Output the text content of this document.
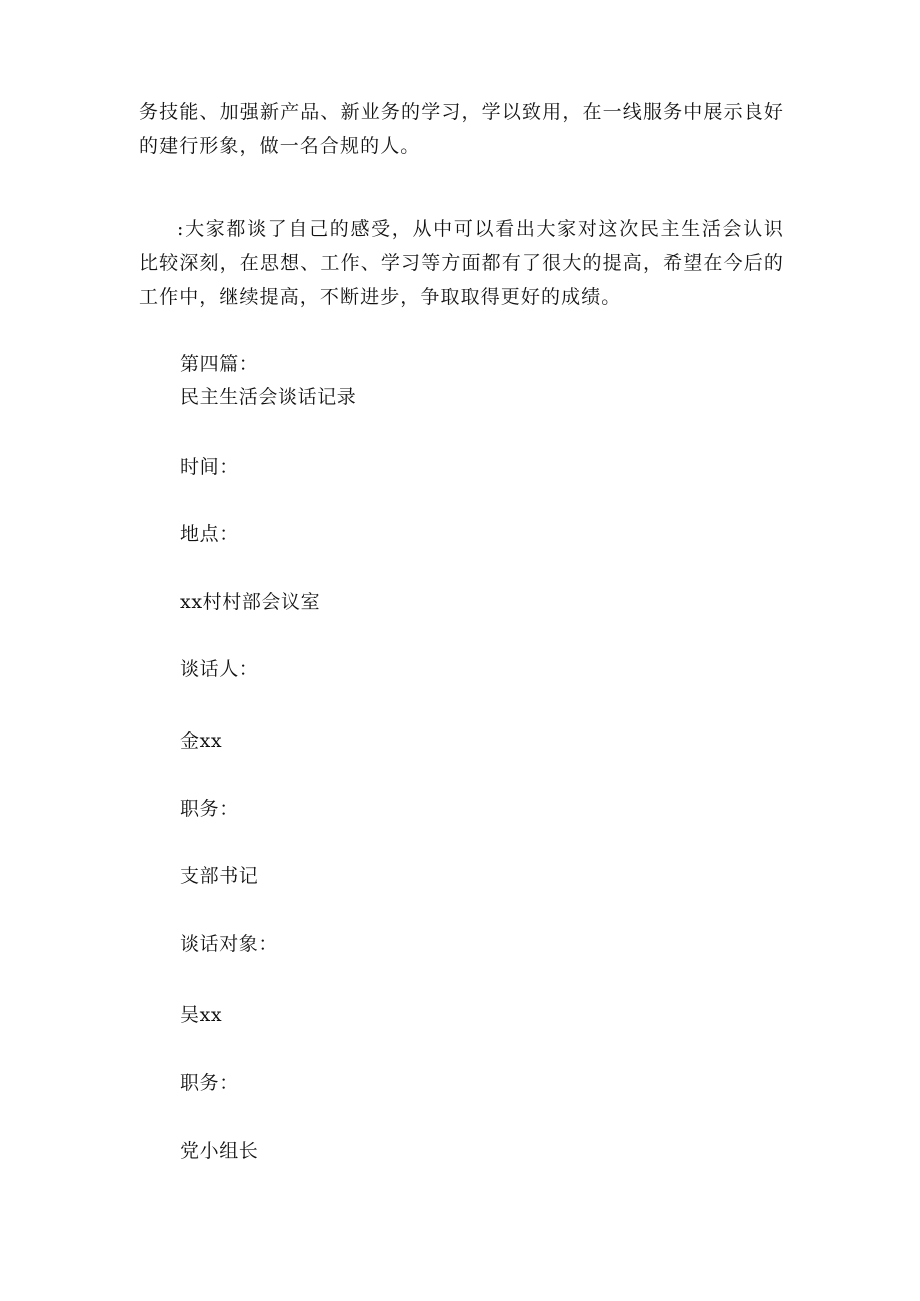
务技能、加强新产品、新业务的学习，学以致用，在一线服务中展示良好的建行形象，做一名合规的人。

:大家都谈了自己的感受，从中可以看出大家对这次民主生活会认识比较深刻，在思想、工作、学习等方面都有了很大的提高，希望在今后的工作中，继续提高，不断进步，争取取得更好的成绩。

第四篇：
民主生活会谈话记录
时间：
地点：
xx村村部会议室
谈话人：
金xx
职务：
支部书记
谈话对象：
吴xx
职务：
党小组长
